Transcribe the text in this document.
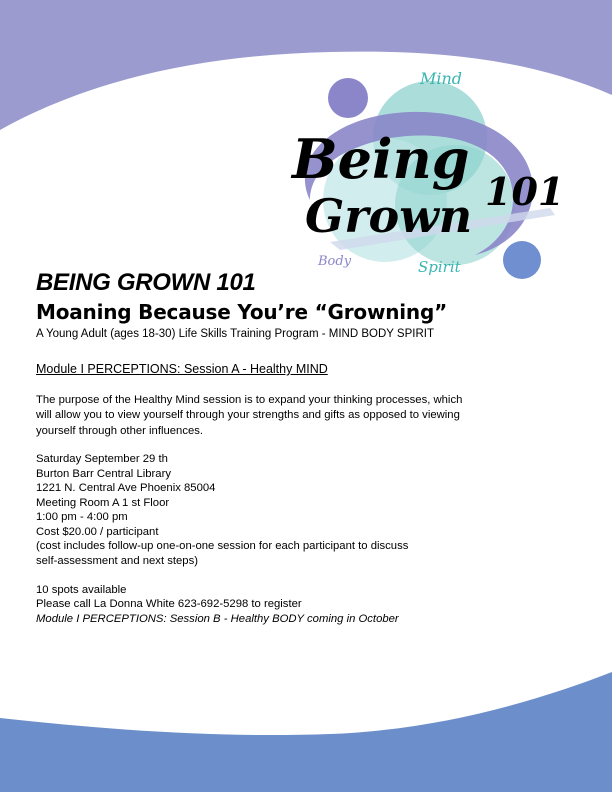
Mind
Being
Grown 101
Body	Spirit
BEING GROWN 101
Moaning Because You’re “Growning”

A Young Adult (ages 18-30) Life Skills Training Program - MIND BODY SPIRIT

Module I PERCEPTIONS: Session A - Healthy MIND

The purpose of the Healthy Mind session is to expand your thinking processes, which will allow you to view yourself through your strengths and gifts as opposed to viewing yourself through other influences.

Saturday September 29 th
Burton Barr Central Library
1221 N. Central Ave Phoenix 85004
Meeting Room A 1 st Floor
1:00 pm - 4:00 pm
Cost $20.00 / participant
(cost includes follow-up one-on-one session for each participant to discuss
self-assessment and next steps)
10 spots available
Please call La Donna White 623-692-5298 to register
Module I PERCEPTIONS: Session B - Healthy BODY coming in October
